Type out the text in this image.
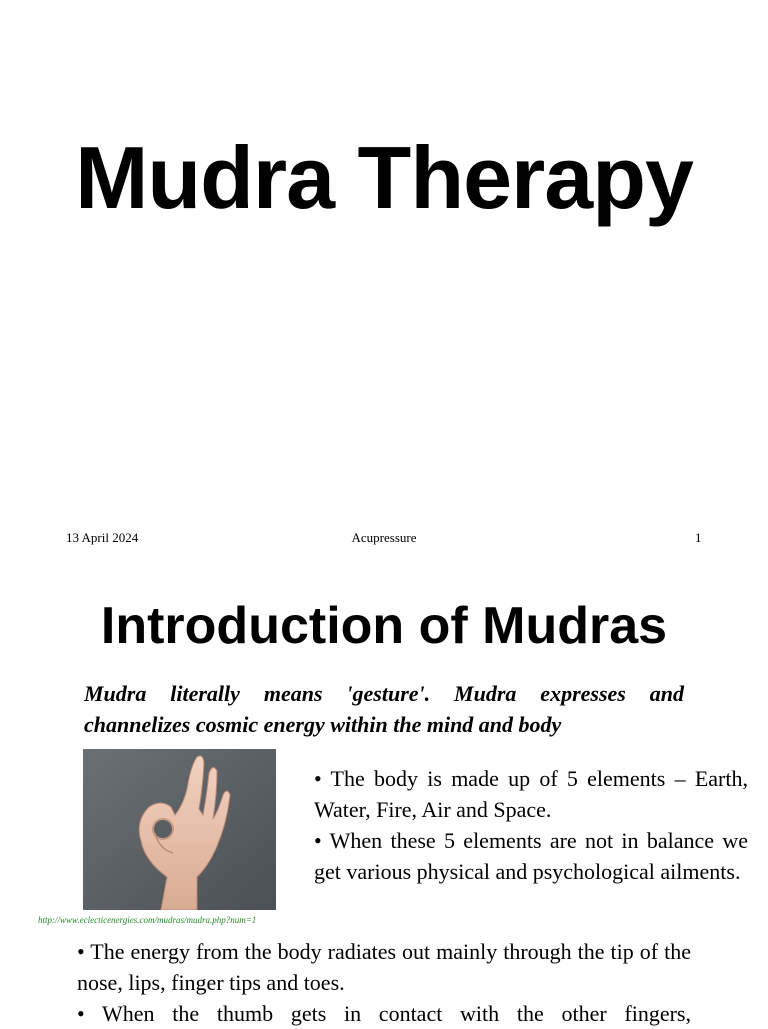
Mudra Therapy
13 April 2024	Acupressure	1
Introduction of Mudras
Mudra literally means 'gesture'. Mudra expresses and channelizes cosmic energy within the mind and body
http://www.eclecticenergies.com/mudras/mudra.php?num=1

• The body is made up of 5 elements – Earth, Water, Fire, Air and Space.

• When these 5 elements are not in balance we get various physical and psychological ailments.

• The energy from the body radiates out mainly through the tip of the nose, lips, finger tips and toes.

• When the thumb gets in contact with the other fingers,
